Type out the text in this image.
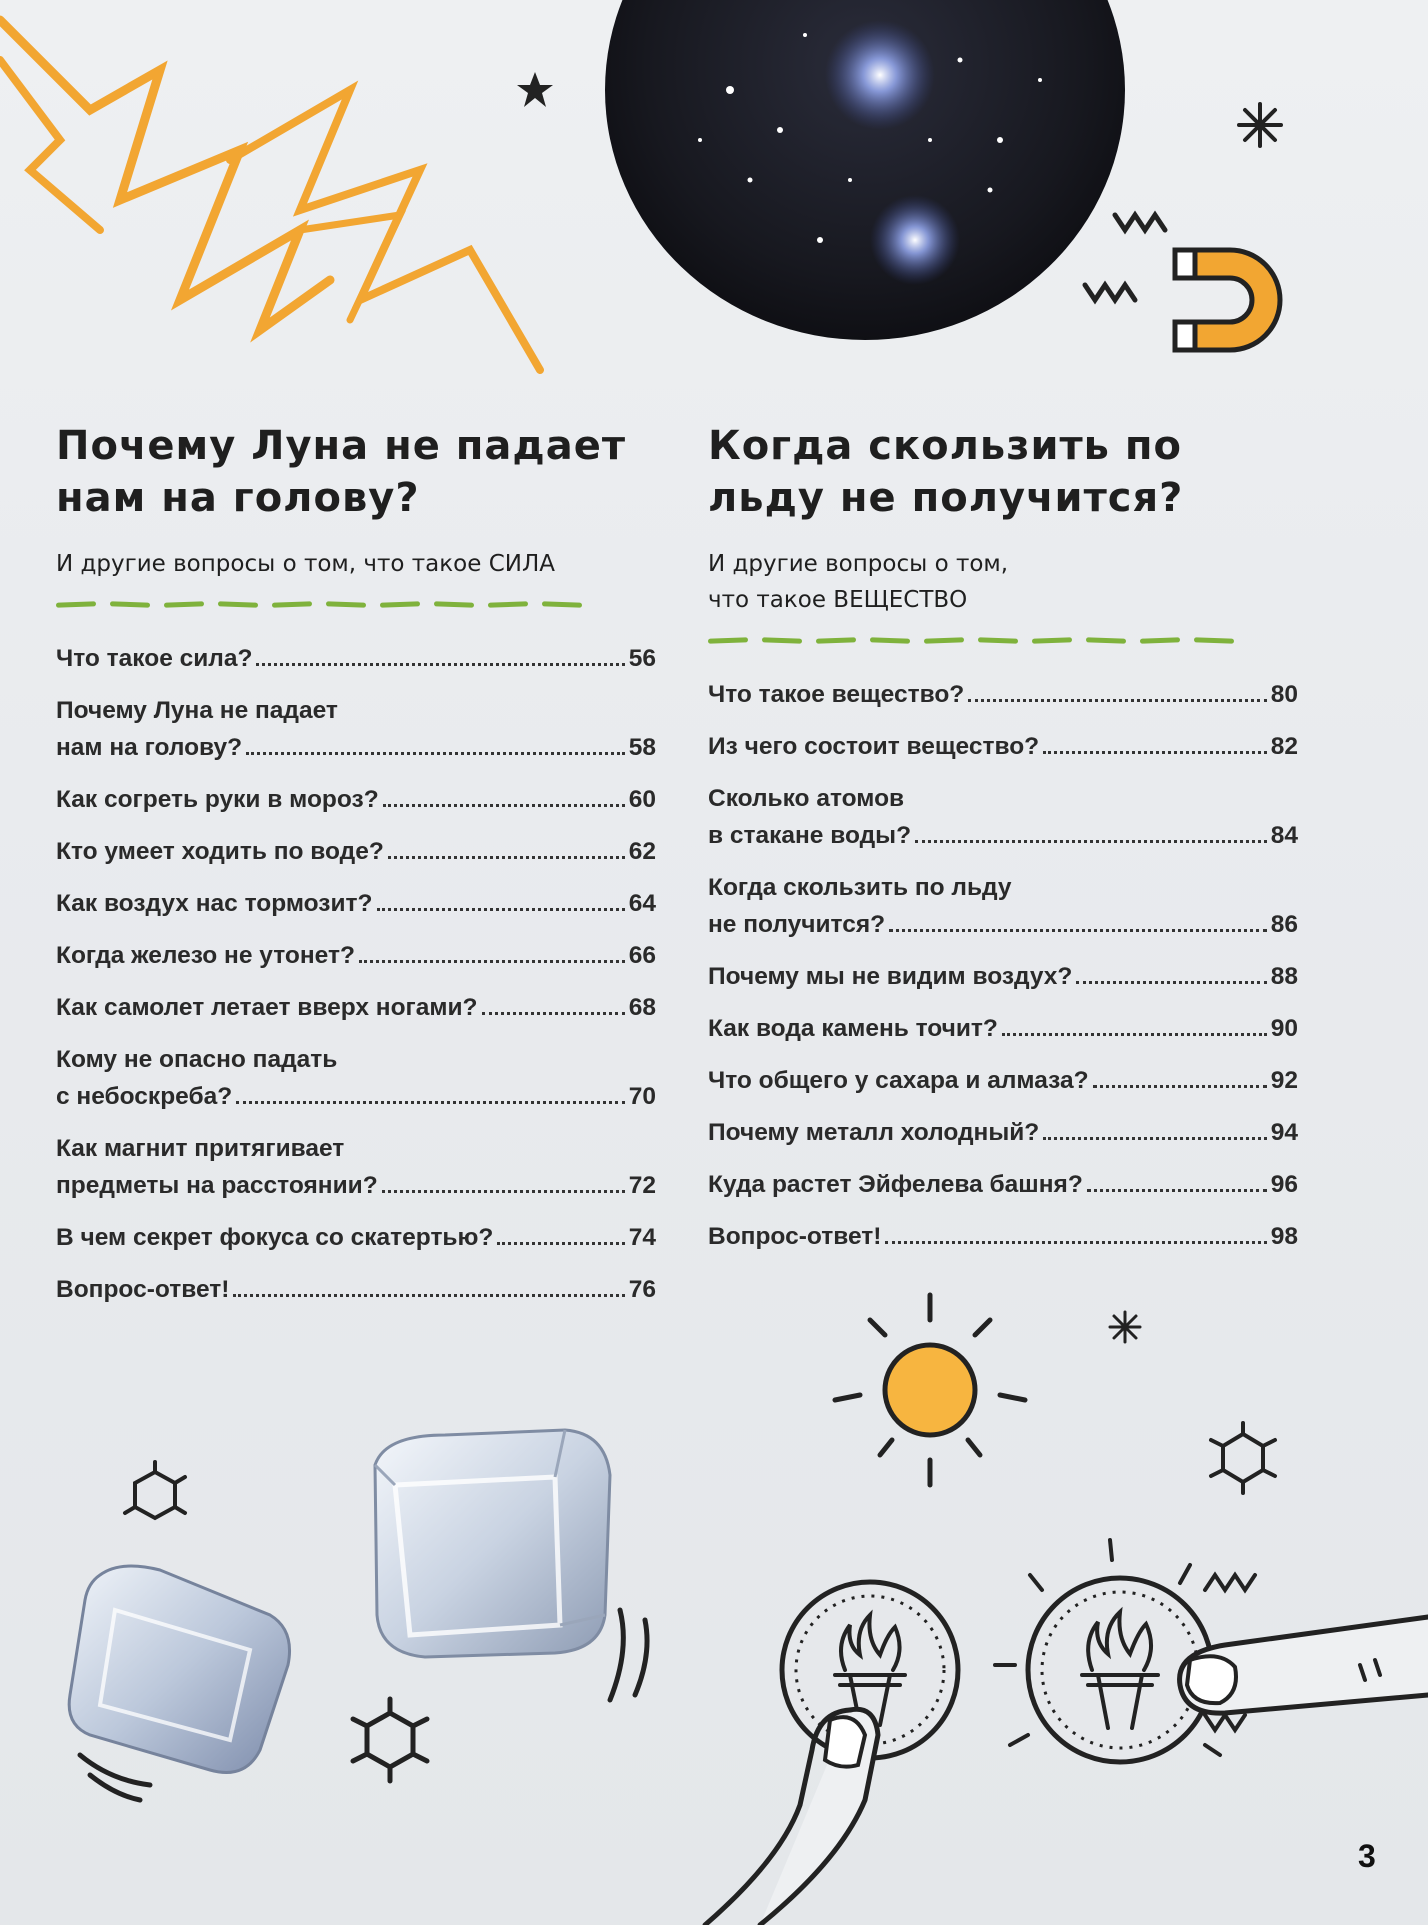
Почему Луна не падает
нам на голову?
И другие вопросы о том, что такое СИЛА
Что такое сила?	56
Почему Луна не падает
нам на голову?	58
Как согреть руки в мороз?	60
Кто умеет ходить по воде?	62
Как воздух нас тормозит?	64
Когда железо не утонет?	66
Как самолет летает вверх ногами?	68
Кому не опасно падать
с небоскреба?	70
Как магнит притягивает
предметы на расстоянии?	72
В чем секрет фокуса со скатертью?	74
Вопрос-ответ!	76
Когда скользить по
льду не получится?
И другие вопросы о том,
что такое ВЕЩЕСТВО
Что такое вещество?	80
Из чего состоит вещество?	82
Сколько атомов
в стакане воды?	84
Когда скользить по льду
не получится?	86
Почему мы не видим воздух?	88
Как вода камень точит?	90
Что общего у сахара и алмаза?	92
Почему металл холодный?	94
Куда растет Эйфелева башня?	96
Вопрос-ответ!	98
3
